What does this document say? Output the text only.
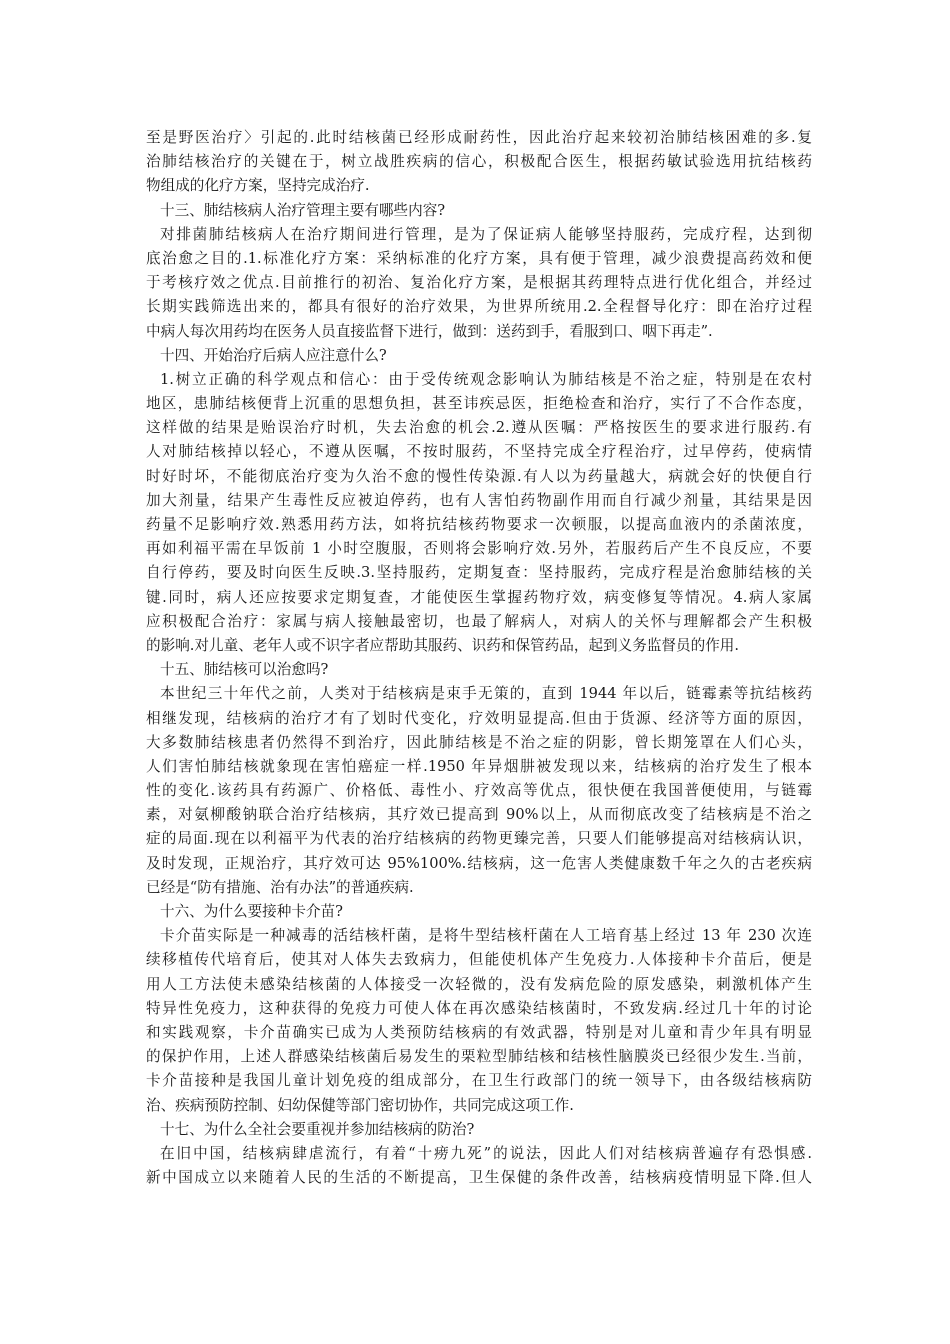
至是野医治疗〉引起的.此时结核菌已经形成耐药性，因此治疗起来较初治肺结核困难的多.复
治肺结核治疗的关键在于，树立战胜疾病的信心，积极配合医生，根据药敏试验选用抗结核药
物组成的化疗方案，坚持完成治疗.
十三、肺结核病人治疗管理主要有哪些内容?
对排菌肺结核病人在治疗期间进行管理，是为了保证病人能够坚持服药，完成疗程，达到彻
底治愈之目的.1.标准化疗方案：采纳标准的化疗方案，具有便于管理，减少浪费提高药效和便
于考核疗效之优点.目前推行的初治、复治化疗方案，是根据其药理特点进行优化组合，并经过
长期实践筛选出来的，都具有很好的治疗效果，为世界所统用.2.全程督导化疗：即在治疗过程
中病人每次用药均在医务人员直接监督下进行，做到：送药到手，看服到口、咽下再走”.
十四、开始治疗后病人应注意什么?
1.树立正确的科学观点和信心：由于受传统观念影响认为肺结核是不治之症，特别是在农村
地区，患肺结核便背上沉重的思想负担，甚至讳疾忌医，拒绝检查和治疗，实行了不合作态度，
这样做的结果是贻误治疗时机，失去治愈的机会.2.遵从医嘱：严格按医生的要求进行服药.有
人对肺结核掉以轻心，不遵从医嘱，不按时服药，不坚持完成全疗程治疗，过早停药，使病情
时好时坏，不能彻底治疗变为久治不愈的慢性传染源.有人以为药量越大，病就会好的快便自行
加大剂量，结果产生毒性反应被迫停药，也有人害怕药物副作用而自行减少剂量，其结果是因
药量不足影响疗效.熟悉用药方法，如将抗结核药物要求一次顿服，以提高血液内的杀菌浓度，
再如利福平需在早饭前 1 小时空腹服，否则将会影响疗效.另外，若服药后产生不良反应，不要
自行停药，要及时向医生反映.3.坚持服药，定期复查：坚持服药，完成疗程是治愈肺结核的关
键.同时，病人还应按要求定期复查，才能使医生掌握药物疗效，病变修复等情况。4.病人家属
应积极配合治疗：家属与病人接触最密切，也最了解病人，对病人的关怀与理解都会产生积极
的影响.对儿童、老年人或不识字者应帮助其服药、识药和保管药品，起到义务监督员的作用.
十五、肺结核可以治愈吗?
本世纪三十年代之前，人类对于结核病是束手无策的，直到 1944 年以后，链霉素等抗结核药
相继发现，结核病的治疗才有了划时代变化，疗效明显提高.但由于货源、经济等方面的原因，
大多数肺结核患者仍然得不到治疗，因此肺结核是不治之症的阴影，曾长期笼罩在人们心头，
人们害怕肺结核就象现在害怕癌症一样.1950 年异烟肼被发现以来，结核病的治疗发生了根本
性的变化.该药具有药源广、价格低、毒性小、疗效高等优点，很快便在我国普便使用，与链霉
素，对氨柳酸钠联合治疗结核病，其疗效已提高到 90%以上，从而彻底改变了结核病是不治之
症的局面.现在以利福平为代表的治疗结核病的药物更臻完善，只要人们能够提高对结核病认识，
及时发现，正规治疗，其疗效可达 95%100%.结核病，这一危害人类健康数千年之久的古老疾病
已经是“防有措施、治有办法”的普通疾病.
十六、为什么要接种卡介苗?
卡介苗实际是一种减毒的活结核杆菌，是将牛型结核杆菌在人工培育基上经过 13 年 230 次连
续移植传代培育后，使其对人体失去致病力，但能使机体产生免疫力.人体接种卡介苗后，便是
用人工方法使未感染结核菌的人体接受一次轻微的，没有发病危险的原发感染，刺激机体产生
特异性免疫力，这种获得的免疫力可使人体在再次感染结核菌时，不致发病.经过几十年的讨论
和实践观察，卡介苗确实已成为人类预防结核病的有效武器，特别是对儿童和青少年具有明显
的保护作用，上述人群感染结核菌后易发生的栗粒型肺结核和结核性脑膜炎已经很少发生.当前，
卡介苗接种是我国儿童计划免疫的组成部分，在卫生行政部门的统一领导下，由各级结核病防
治、疾病预防控制、妇幼保健等部门密切协作，共同完成这项工作.
十七、为什么全社会要重视并参加结核病的防治?
在旧中国，结核病肆虐流行，有着“十痨九死”的说法，因此人们对结核病普遍存有恐惧感.
新中国成立以来随着人民的生活的不断提高，卫生保健的条件改善，结核病疫情明显下降.但人
